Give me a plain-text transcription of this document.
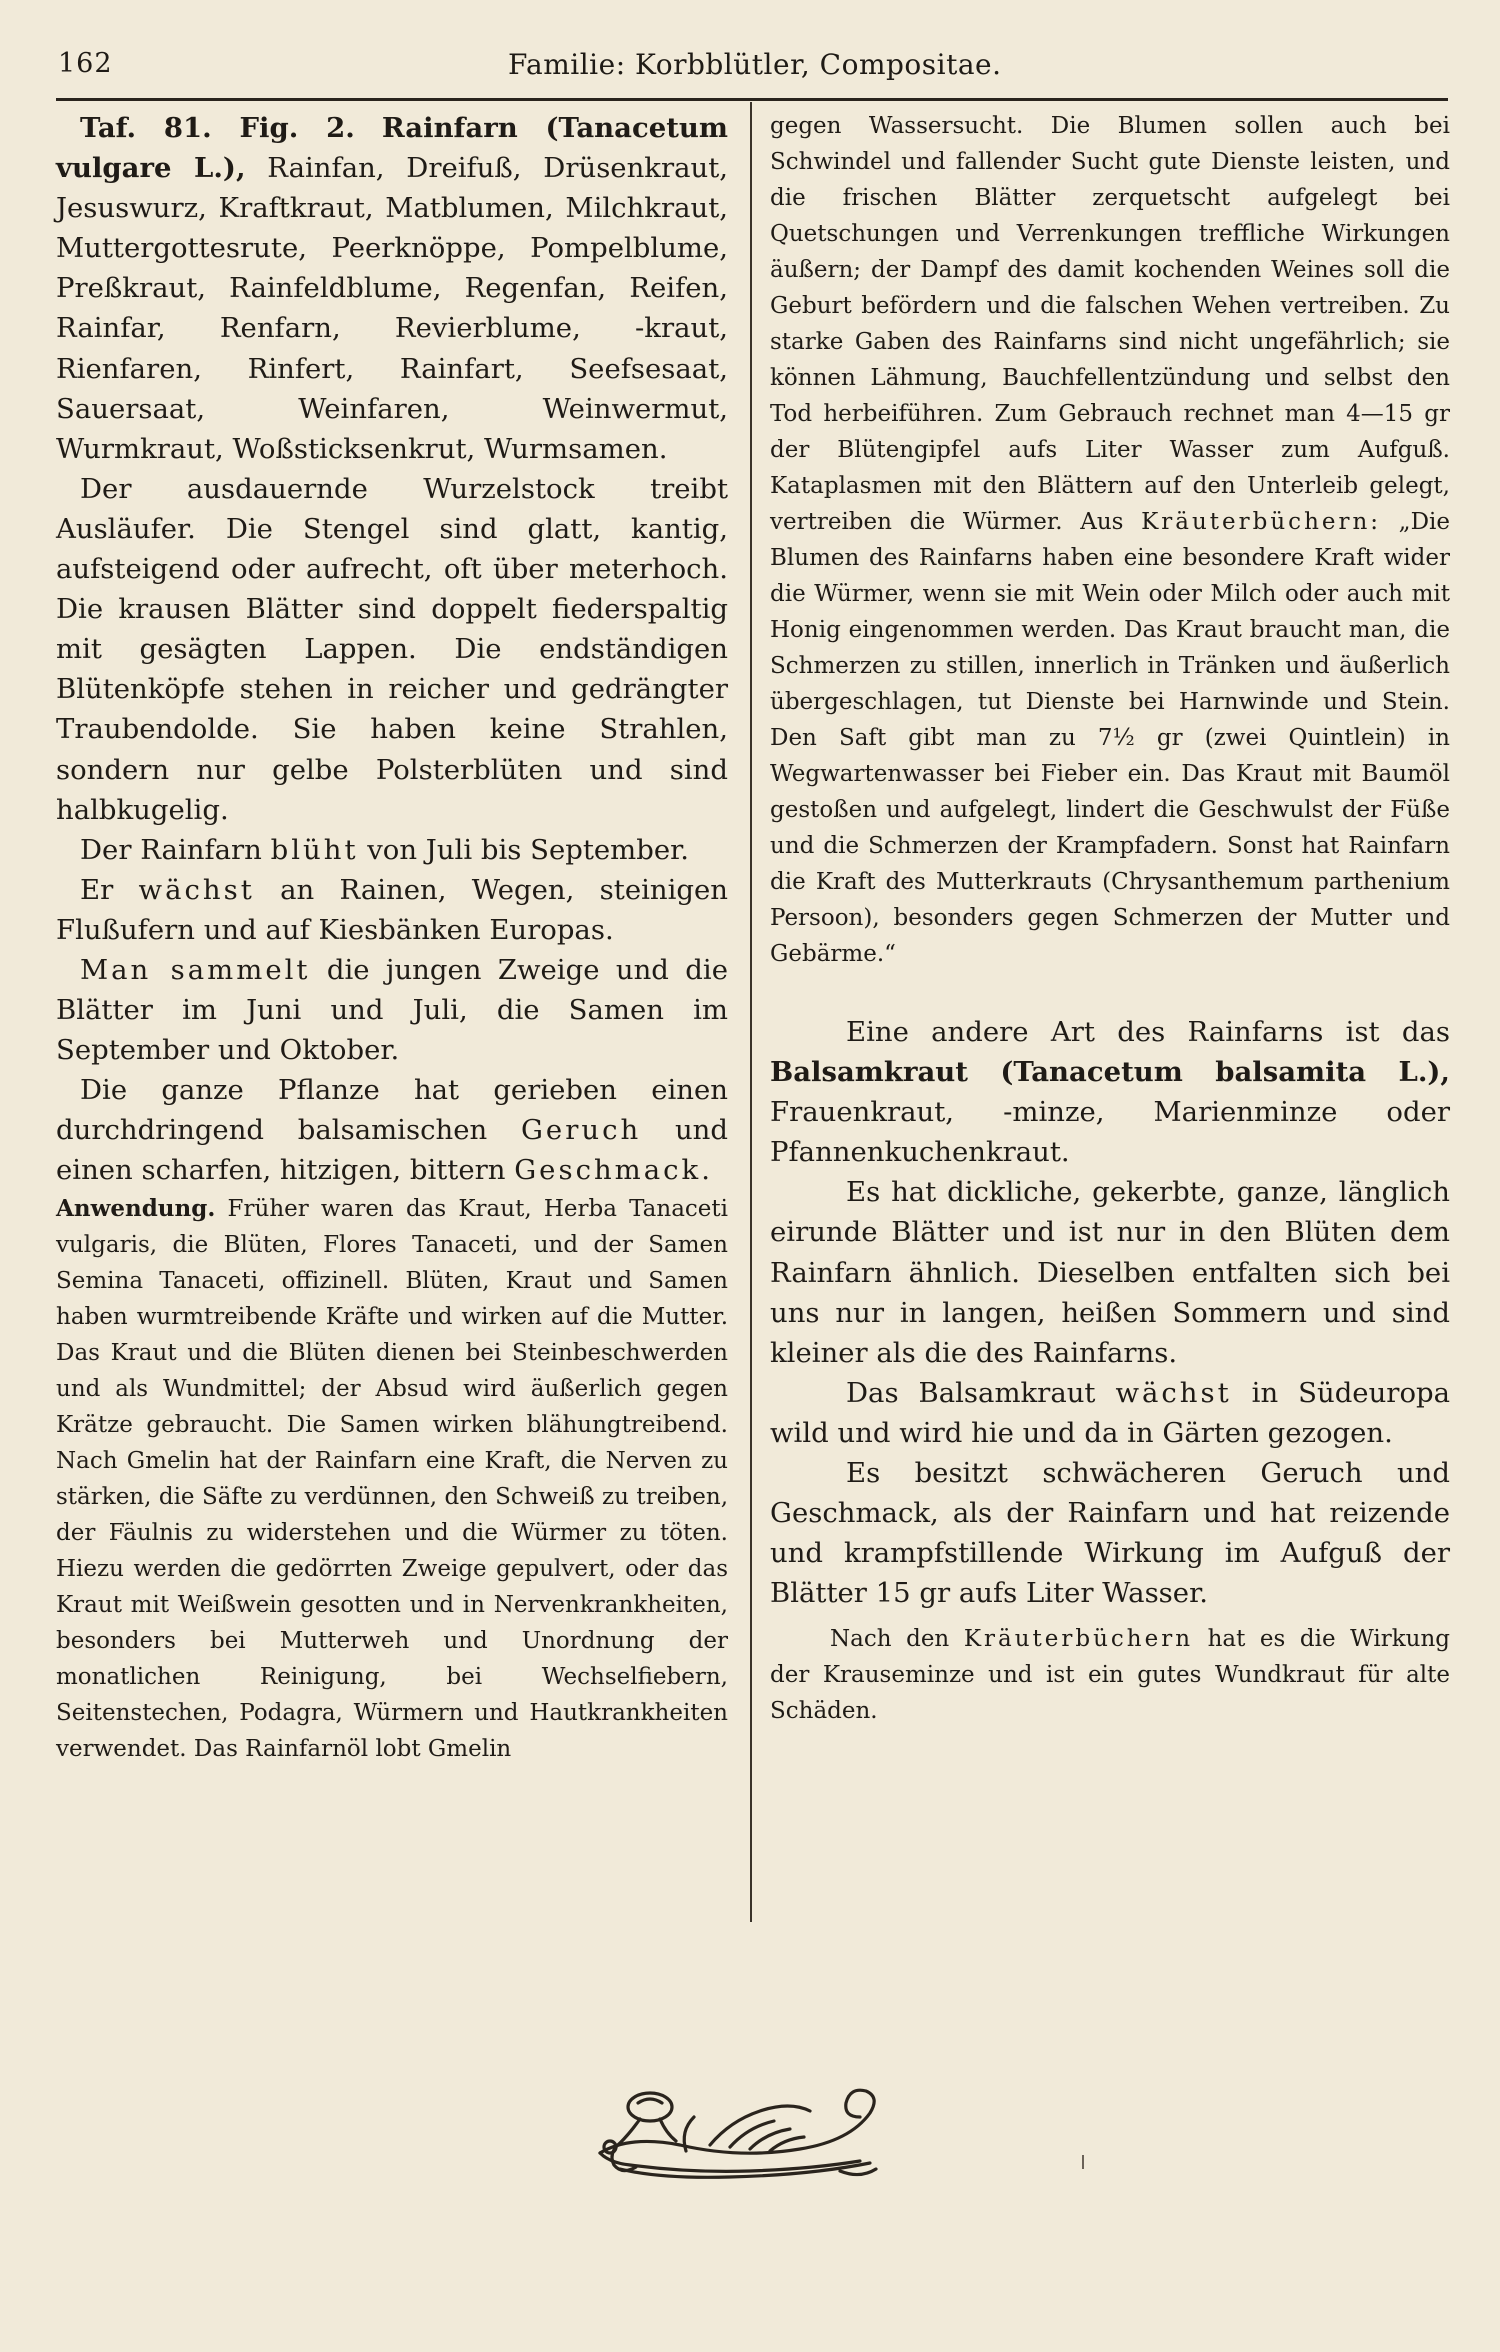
162	Familie: Korbblütler, Compositae.

Taf. 81. Fig. 2. Rainfarn (Tanacetum vulgare L.), Rainfan, Dreifuß, Drüsenkraut, Jesuswurz, Kraftkraut, Matblumen, Milchkraut, Muttergottesrute, Peerknöppe, Pompelblume, Preßkraut, Rainfeldblume, Regenfan, Reifen, Rainfar, Renfarn, Revierblume, -kraut, Rienfaren, Rinfert, Rainfart, Seefsesaat, Sauersaat, Weinfaren, Weinwermut, Wurmkraut, Woßsticksenkrut, Wurmsamen.

Der ausdauernde Wurzelstock treibt Ausläufer. Die Stengel sind glatt, kantig, aufsteigend oder aufrecht, oft über meterhoch. Die krausen Blätter sind doppelt fiederspaltig mit gesägten Lappen. Die endständigen Blütenköpfe stehen in reicher und gedrängter Traubendolde. Sie haben keine Strahlen, sondern nur gelbe Polsterblüten und sind halbkugelig.

Der Rainfarn blüht von Juli bis September.

Er wächst an Rainen, Wegen, steinigen Flußufern und auf Kiesbänken Europas.

Man sammelt die jungen Zweige und die Blätter im Juni und Juli, die Samen im September und Oktober.

Die ganze Pflanze hat gerieben einen durchdringend balsamischen Geruch und einen scharfen, hitzigen, bittern Geschmack.

Anwendung. Früher waren das Kraut, Herba Tanaceti vulgaris, die Blüten, Flores Tanaceti, und der Samen Semina Tanaceti, offizinell. Blüten, Kraut und Samen haben wurmtreibende Kräfte und wirken auf die Mutter. Das Kraut und die Blüten dienen bei Steinbeschwerden und als Wundmittel; der Absud wird äußerlich gegen Krätze gebraucht. Die Samen wirken blähungtreibend. Nach Gmelin hat der Rainfarn eine Kraft, die Nerven zu stärken, die Säfte zu verdünnen, den Schweiß zu treiben, der Fäulnis zu widerstehen und die Würmer zu töten. Hiezu werden die gedörrten Zweige gepulvert, oder das Kraut mit Weißwein gesotten und in Nervenkrankheiten, besonders bei Mutterweh und Unordnung der monatlichen Reinigung, bei Wechselfiebern, Seitenstechen, Podagra, Würmern und Hautkrankheiten verwendet. Das Rainfarnöl lobt Gmelin

gegen Wassersucht. Die Blumen sollen auch bei Schwindel und fallender Sucht gute Dienste leisten, und die frischen Blätter zerquetscht aufgelegt bei Quetschungen und Verrenkungen treffliche Wirkungen äußern; der Dampf des damit kochenden Weines soll die Geburt befördern und die falschen Wehen vertreiben. Zu starke Gaben des Rainfarns sind nicht ungefährlich; sie können Lähmung, Bauchfellentzündung und selbst den Tod herbeiführen. Zum Gebrauch rechnet man 4—15 gr der Blütengipfel aufs Liter Wasser zum Aufguß. Kataplasmen mit den Blättern auf den Unterleib gelegt, vertreiben die Würmer. Aus Kräuterbüchern: „Die Blumen des Rainfarns haben eine besondere Kraft wider die Würmer, wenn sie mit Wein oder Milch oder auch mit Honig eingenommen werden. Das Kraut braucht man, die Schmerzen zu stillen, innerlich in Tränken und äußerlich übergeschlagen, tut Dienste bei Harnwinde und Stein. Den Saft gibt man zu 7½ gr (zwei Quintlein) in Wegwartenwasser bei Fieber ein. Das Kraut mit Baumöl gestoßen und aufgelegt, lindert die Geschwulst der Füße und die Schmerzen der Krampfadern. Sonst hat Rainfarn die Kraft des Mutterkrauts (Chrysanthemum parthenium Persoon), besonders gegen Schmerzen der Mutter und Gebärme.“

Eine andere Art des Rainfarns ist das Balsamkraut (Tanacetum balsamita L.), Frauenkraut, -minze, Marienminze oder Pfannenkuchenkraut.

Es hat dickliche, gekerbte, ganze, länglich eirunde Blätter und ist nur in den Blüten dem Rainfarn ähnlich. Dieselben entfalten sich bei uns nur in langen, heißen Sommern und sind kleiner als die des Rainfarns.

Das Balsamkraut wächst in Südeuropa wild und wird hie und da in Gärten gezogen.

Es besitzt schwächeren Geruch und Geschmack, als der Rainfarn und hat reizende und krampfstillende Wirkung im Aufguß der Blätter 15 gr aufs Liter Wasser.

Nach den Kräuterbüchern hat es die Wirkung der Krauseminze und ist ein gutes Wundkraut für alte Schäden.
